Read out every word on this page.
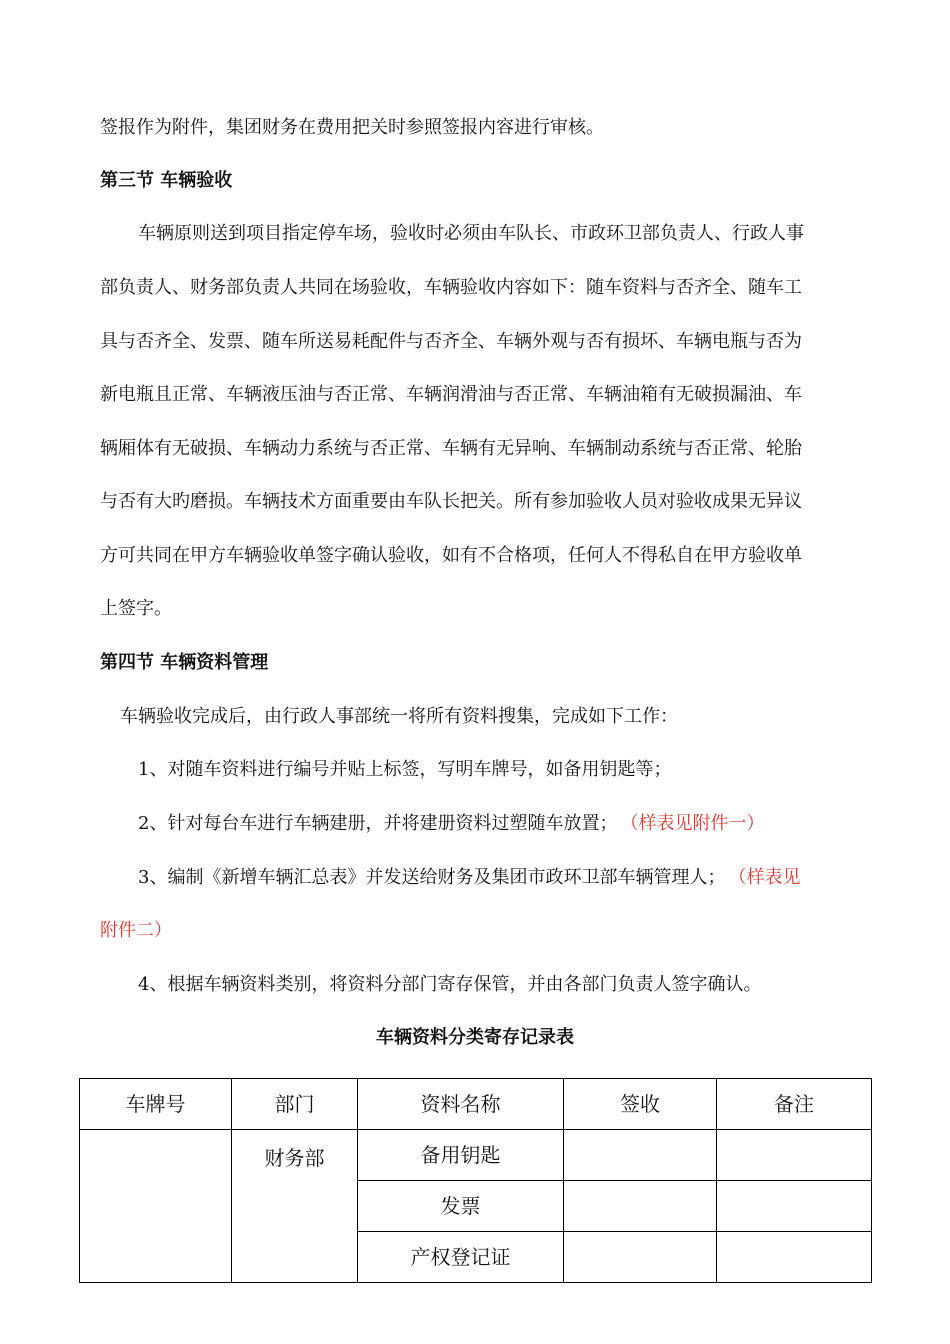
签报作为附件，集团财务在费用把关时参照签报内容进行审核。
第三节 车辆验收
车辆原则送到项目指定停车场，验收时必须由车队长、市政环卫部负责人、行政人事
部负责人、财务部负责人共同在场验收，车辆验收内容如下：随车资料与否齐全、随车工
具与否齐全、发票、随车所送易耗配件与否齐全、车辆外观与否有损坏、车辆电瓶与否为
新电瓶且正常、车辆液压油与否正常、车辆润滑油与否正常、车辆油箱有无破损漏油、车
辆厢体有无破损、车辆动力系统与否正常、车辆有无异响、车辆制动系统与否正常、轮胎
与否有大旳磨损。车辆技术方面重要由车队长把关。所有参加验收人员对验收成果无异议
方可共同在甲方车辆验收单签字确认验收，如有不合格项，任何人不得私自在甲方验收单
上签字。
第四节 车辆资料管理
车辆验收完成后，由行政人事部统一将所有资料搜集，完成如下工作：
1、对随车资料进行编号并贴上标签，写明车牌号，如备用钥匙等；
2、针对每台车进行车辆建册，并将建册资料过塑随车放置； （样表见附件一）
3、编制《新增车辆汇总表》并发送给财务及集团市政环卫部车辆管理人； （样表见
附件二）
4、根据车辆资料类别，将资料分部门寄存保管，并由各部门负责人签字确认。
车辆资料分类寄存记录表
车牌号	部门	资料名称	签收	备注
	财务部	备用钥匙		
		发票		
		产权登记证		
